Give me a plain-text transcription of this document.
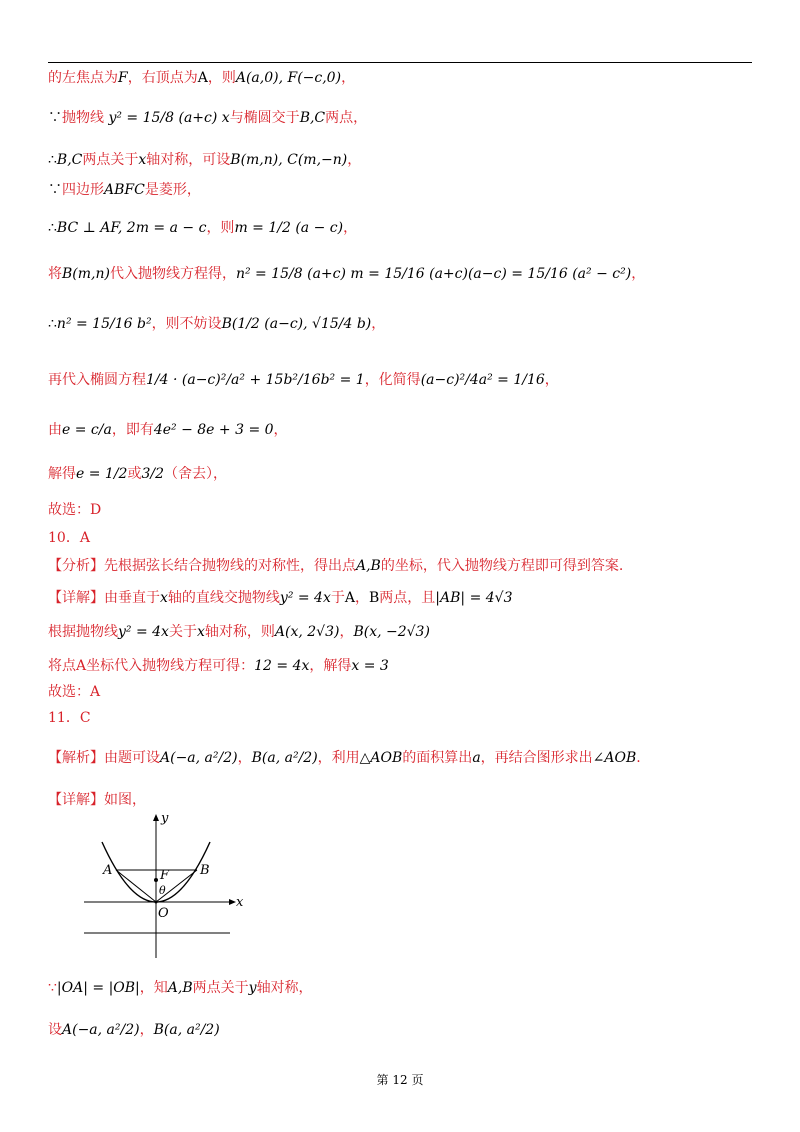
的左焦点为F，右顶点为A，则A(a,0), F(−c,0)，
∵抛物线 y² = 15/8 (a+c) x与椭圆交于B,C两点，
∴B,C两点关于x轴对称，可设B(m,n), C(m,−n)，
∵四边形ABFC是菱形，
∴BC ⊥ AF, 2m = a − c，则m = 1/2 (a − c)，
将B(m,n)代入抛物线方程得，n² = 15/8 (a+c) m = 15/16 (a+c)(a−c) = 15/16 (a² − c²)，
∴n² = 15/16 b²，则不妨设B(1/2 (a−c), √15/4 b)，
再代入椭圆方程1/4 · (a−c)²/a² + 15b²/16b² = 1，化简得(a−c)²/4a² = 1/16，
由e = c/a，即有4e² − 8e + 3 = 0，
解得e = 1/2或3/2（舍去），
故选：D
10．A
【分析】先根据弦长结合抛物线的对称性，得出点A,B的坐标，代入抛物线方程即可得到答案.
【详解】由垂直于x轴的直线交抛物线y² = 4x于A，B两点，且|AB| = 4√3
根据抛物线y² = 4x关于x轴对称，则A(x, 2√3)，B(x, −2√3)
将点A坐标代入抛物线方程可得：12 = 4x，解得x = 3
故选：A
11．C
【解析】由题可设A(−a, a²/2)，B(a, a²/2)，利用△AOB的面积算出a，再结合图形求出∠AOB.
【详解】如图，
y
x
A	B
F
θ
O
∵|OA| = |OB|，知A,B两点关于y轴对称，
设A(−a, a²/2)，B(a, a²/2)
第 12 页
